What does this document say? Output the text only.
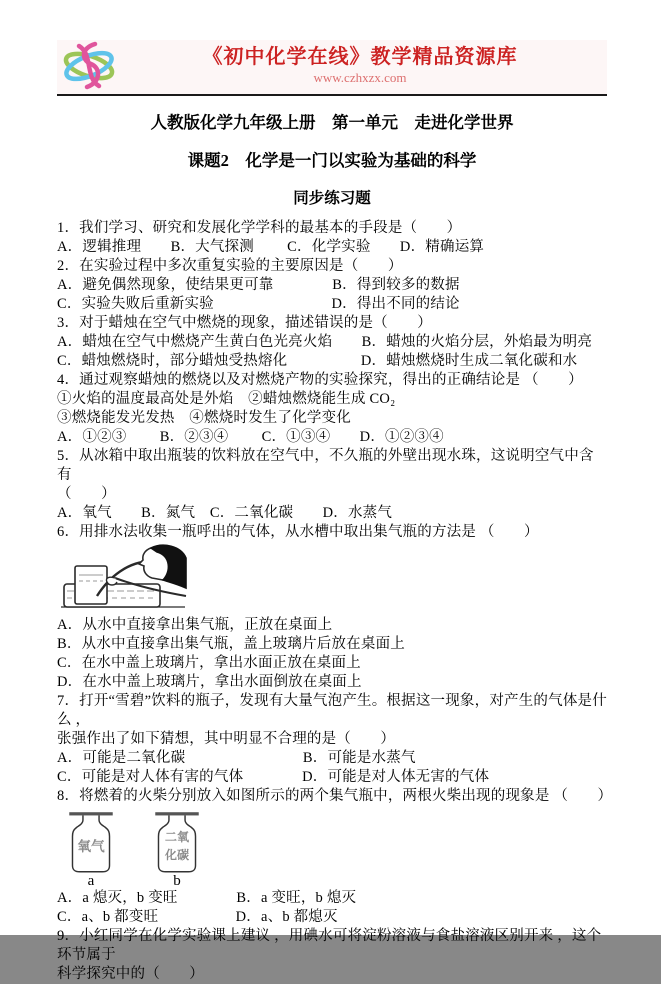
《初中化学在线》教学精品资源库
www.czhxzx.com
人教版化学九年级上册　第一单元　走进化学世界
课题2　化学是一门以实验为基础的科学
同步练习题

1．我们学习、研究和发展化学学科的最基本的手段是（　　）

A．逻辑推理　　B．大气探测　　 C．化学实验　　D．精确运算

2．在实验过程中多次重复实验的主要原因是（　　）

A．避免偶然现象，使结果更可靠　　　　B．得到较多的数据

C．实验失败后重新实验　　　　　　　　D．得出不同的结论

3．对于蜡烛在空气中燃烧的现象，描述错误的是（　　）

A．蜡烛在空气中燃烧产生黄白色光亮火焰　　B．蜡烛的火焰分层，外焰最为明亮

C．蜡烛燃烧时，部分蜡烛受热熔化　　　　　D．蜡烛燃烧时生成二氧化碳和水

4．通过观察蜡烛的燃烧以及对燃烧产物的实验探究，得出的正确结论是 （　　）

①火焰的温度最高处是外焰　②蜡烛燃烧能生成 CO₂

③燃烧能发光发热　④燃烧时发生了化学变化

A．①②③　　 B．②③④　　 C．①③④　　D．①②③④

5．从冰箱中取出瓶装的饮料放在空气中，不久瓶的外壁出现水珠，这说明空气中含有

（　　）

A．氧气　　B．氮气　C．二氧化碳　　D．水蒸气

6．用排水法收集一瓶呼出的气体，从水槽中取出集气瓶的方法是 （　　）

A．从水中直接拿出集气瓶，正放在桌面上

B．从水中直接拿出集气瓶，盖上玻璃片后放在桌面上

C．在水中盖上玻璃片，拿出水面正放在桌面上

D．在水中盖上玻璃片，拿出水面倒放在桌面上

7．打开“雪碧”饮料的瓶子，发现有大量气泡产生。根据这一现象，对产生的气体是什么 ，

张强作出了如下猜想，其中明显不合理的是（　　）

A．可能是二氧化碳　　　　　　　　B．可能是水蒸气

C．可能是对人体有害的气体　　　　D．可能是对人体无害的气体

8．将燃着的火柴分别放入如图所示的两个集气瓶中，两根火柴出现的现象是 （　　）

氧气
a
二氧
化碳
b

A．a 熄灭，b 变旺　　　　B．a 变旺，b 熄灭

C．a、b 都变旺　　　　　 D．a、b 都熄灭

9．小红同学在化学实验课上建议 ，用碘水可将淀粉溶液与食盐溶液区别开来 ，这个环节属于

科学探究中的（　　）
